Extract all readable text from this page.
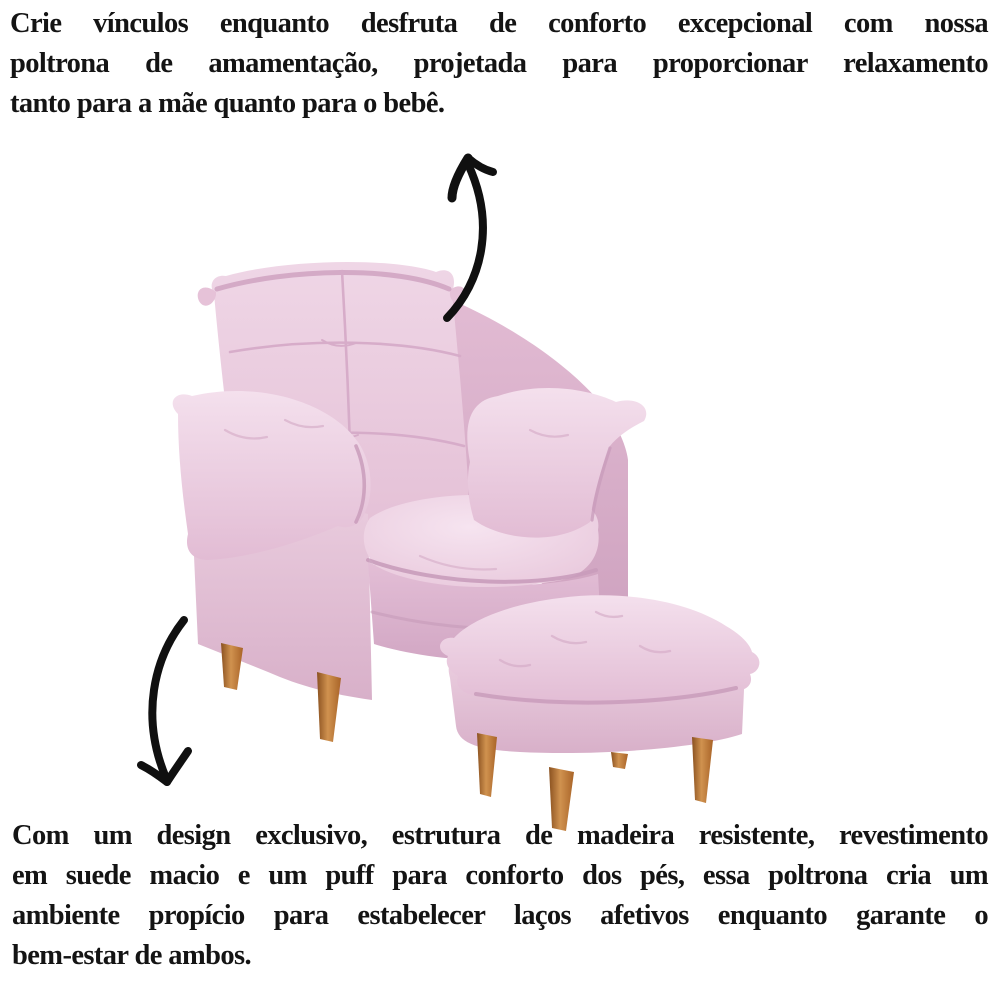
Crie vínculos enquanto desfruta de conforto excepcional com nossa
poltrona de amamentação, projetada para proporcionar relaxamento
tanto para a mãe quanto para o bebê.
Com um design exclusivo, estrutura de madeira resistente, revestimento
em suede macio e um puff para conforto dos pés, essa poltrona cria um
ambiente propício para estabelecer laços afetivos enquanto garante o
bem-estar de ambos.
